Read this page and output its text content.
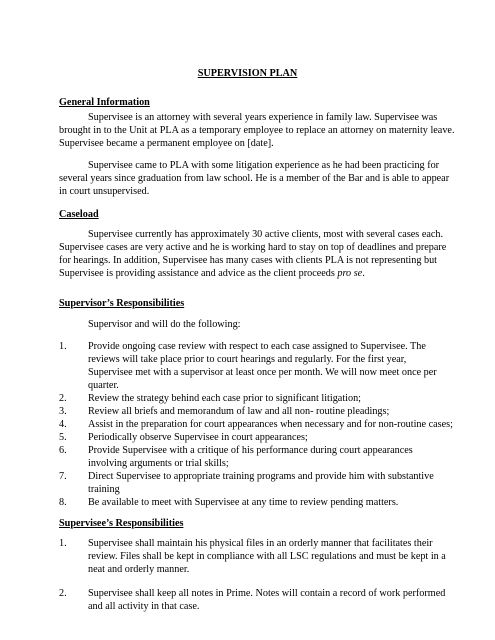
SUPERVISION PLAN
General Information
Supervisee is an attorney with several years experience in family law. Supervisee was
brought in to the Unit at PLA as a temporary employee to replace an attorney on maternity leave.
Supervisee became a permanent employee on [date].
Supervisee came to PLA with some litigation experience as he had been practicing for
several years since graduation from law school. He is a member of the Bar and is able to appear
in court unsupervised.
Caseload
Supervisee currently has approximately 30 active clients, most with several cases each.
Supervisee cases are very active and he is working hard to stay on top of deadlines and prepare
for hearings. In addition, Supervisee has many cases with clients PLA is not representing but
Supervisee is providing assistance and advice as the client proceeds pro se.
Supervisor’s Responsibilities
Supervisor and will do the following:
1. Provide ongoing case review with respect to each case assigned to Supervisee. The
reviews will take place prior to court hearings and regularly. For the first year,
Supervisee met with a supervisor at least once per month. We will now meet once per
quarter.
2. Review the strategy behind each case prior to significant litigation;
3. Review all briefs and memorandum of law and all non- routine pleadings;
4. Assist in the preparation for court appearances when necessary and for non-routine cases;
5. Periodically observe Supervisee in court appearances;
6. Provide Supervisee with a critique of his performance during court appearances
involving arguments or trial skills;
7. Direct Supervisee to appropriate training programs and provide him with substantive
training
8. Be available to meet with Supervisee at any time to review pending matters.
Supervisee’s Responsibilities
1. Supervisee shall maintain his physical files in an orderly manner that facilitates their
review. Files shall be kept in compliance with all LSC regulations and must be kept in a
neat and orderly manner.
2. Supervisee shall keep all notes in Prime. Notes will contain a record of work performed
and all activity in that case.
